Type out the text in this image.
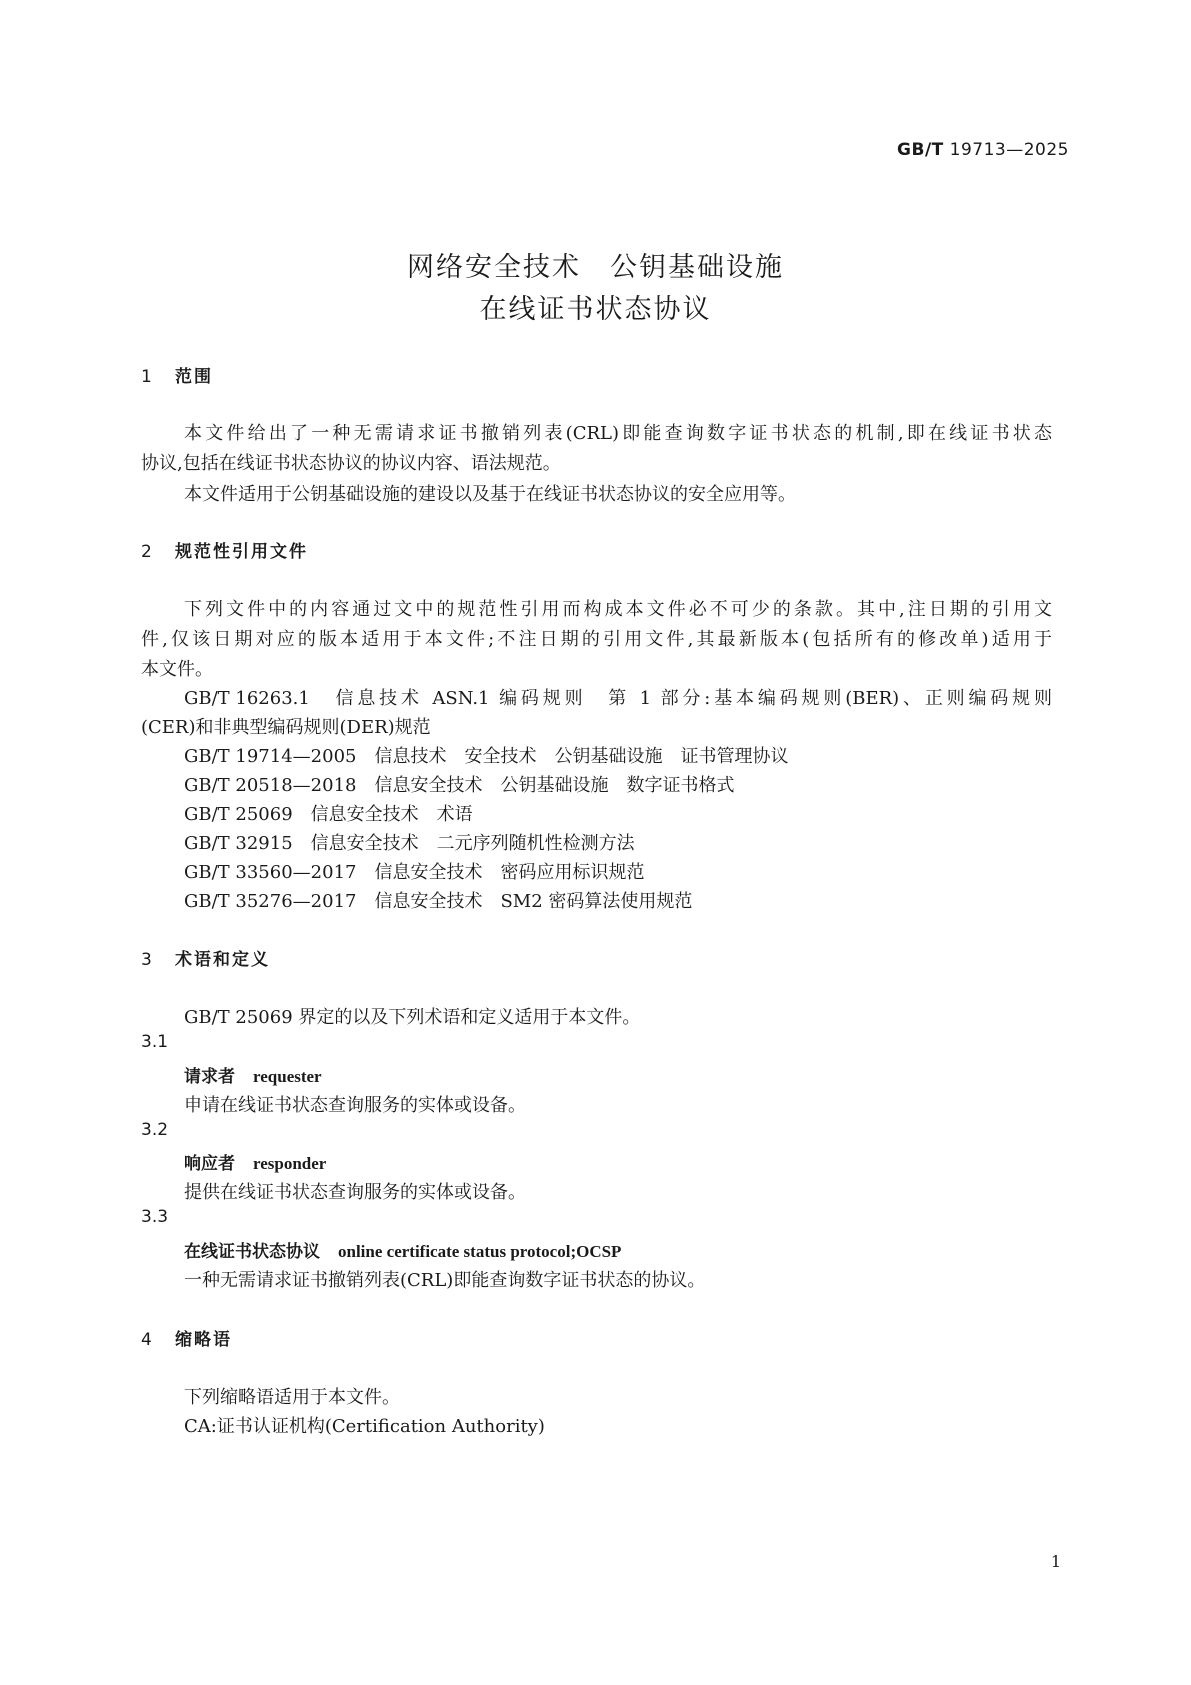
GB/T 19713—2025
网络安全技术　公钥基础设施
在线证书状态协议
1 范围
本文件给出了一种无需请求证书撤销列表(CRL)即能查询数字证书状态的机制,即在线证书状态
协议,包括在线证书状态协议的协议内容、语法规范。
本文件适用于公钥基础设施的建设以及基于在线证书状态协议的安全应用等。
2 规范性引用文件
下列文件中的内容通过文中的规范性引用而构成本文件必不可少的条款。其中,注日期的引用文
件,仅该日期对应的版本适用于本文件;不注日期的引用文件,其最新版本(包括所有的修改单)适用于
本文件。
GB/T 16263.1　 信息技术 ASN.1 编码规则　第 1 部分:基本编码规则(BER)、正则编码规则
(CER)和非典型编码规则(DER)规范
GB/T 19714—2005　 信息技术　安全技术　公钥基础设施　证书管理协议
GB/T 20518—2018　 信息安全技术　公钥基础设施　数字证书格式
GB/T 25069　 信息安全技术　术语
GB/T 32915　 信息安全技术　二元序列随机性检测方法
GB/T 33560—2017　 信息安全技术　密码应用标识规范
GB/T 35276—2017　 信息安全技术　SM2 密码算法使用规范
3 术语和定义
GB/T 25069 界定的以及下列术语和定义适用于本文件。
3.1
请求者 requester
申请在线证书状态查询服务的实体或设备。
3.2
响应者 responder
提供在线证书状态查询服务的实体或设备。
3.3
在线证书状态协议 online certificate status protocol;OCSP
一种无需请求证书撤销列表(CRL)即能查询数字证书状态的协议。
4 缩略语
下列缩略语适用于本文件。
CA:证书认证机构(Certification Authority)
1
